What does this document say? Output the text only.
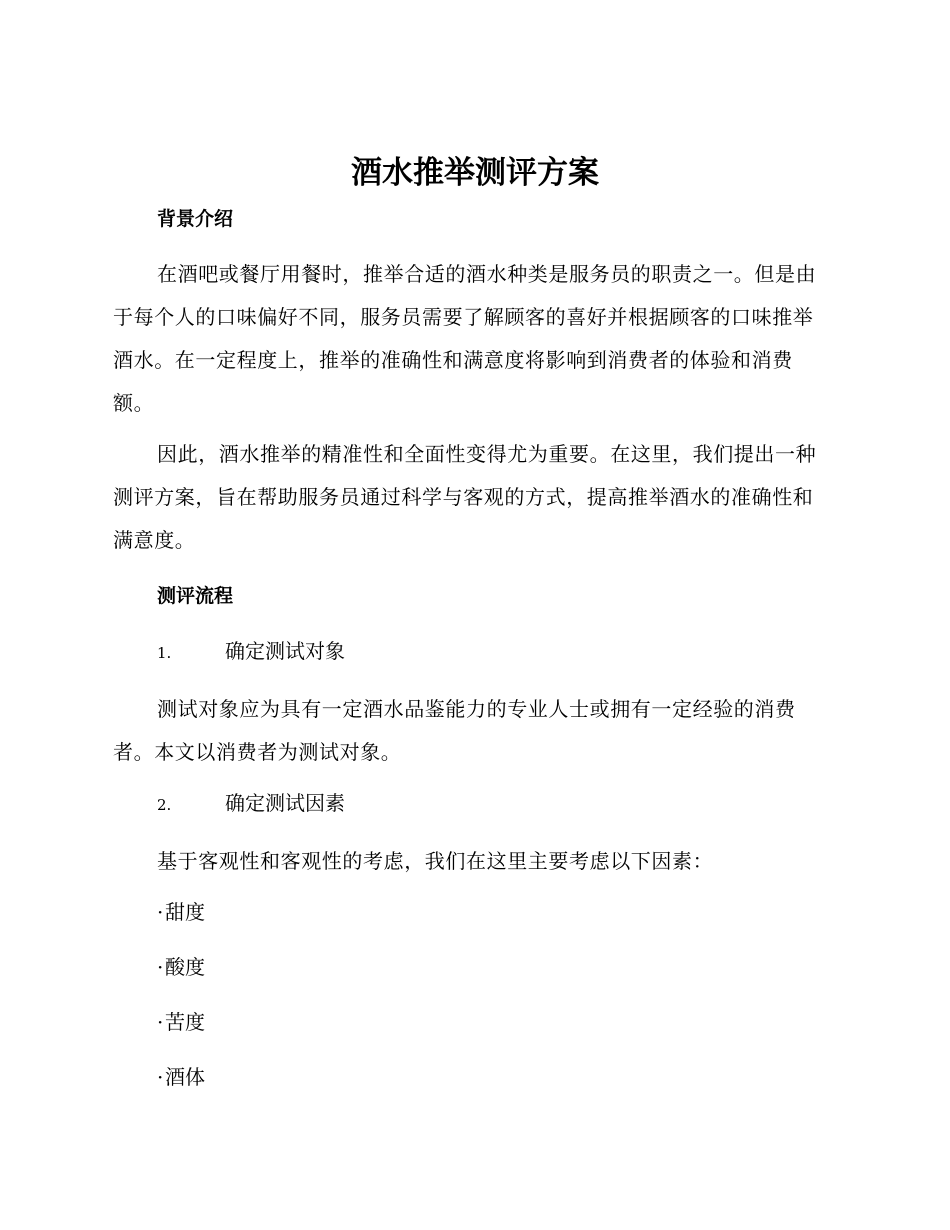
酒水推举测评方案
背景介绍

在酒吧或餐厅用餐时，推举合适的酒水种类是服务员的职责之一。但是由于每个人的口味偏好不同，服务员需要了解顾客的喜好并根据顾客的口味推举酒水。在一定程度上，推举的准确性和满意度将影响到消费者的体验和消费额。

因此，酒水推举的精准性和全面性变得尤为重要。在这里，我们提出一种测评方案，旨在帮助服务员通过科学与客观的方式，提高推举酒水的准确性和满意度。

测评流程
1.	确定测试对象

测试对象应为具有一定酒水品鉴能力的专业人士或拥有一定经验的消费者。本文以消费者为测试对象。

2.	确定测试因素

基于客观性和客观性的考虑，我们在这里主要考虑以下因素：

·甜度
·酸度
·苦度
·酒体
